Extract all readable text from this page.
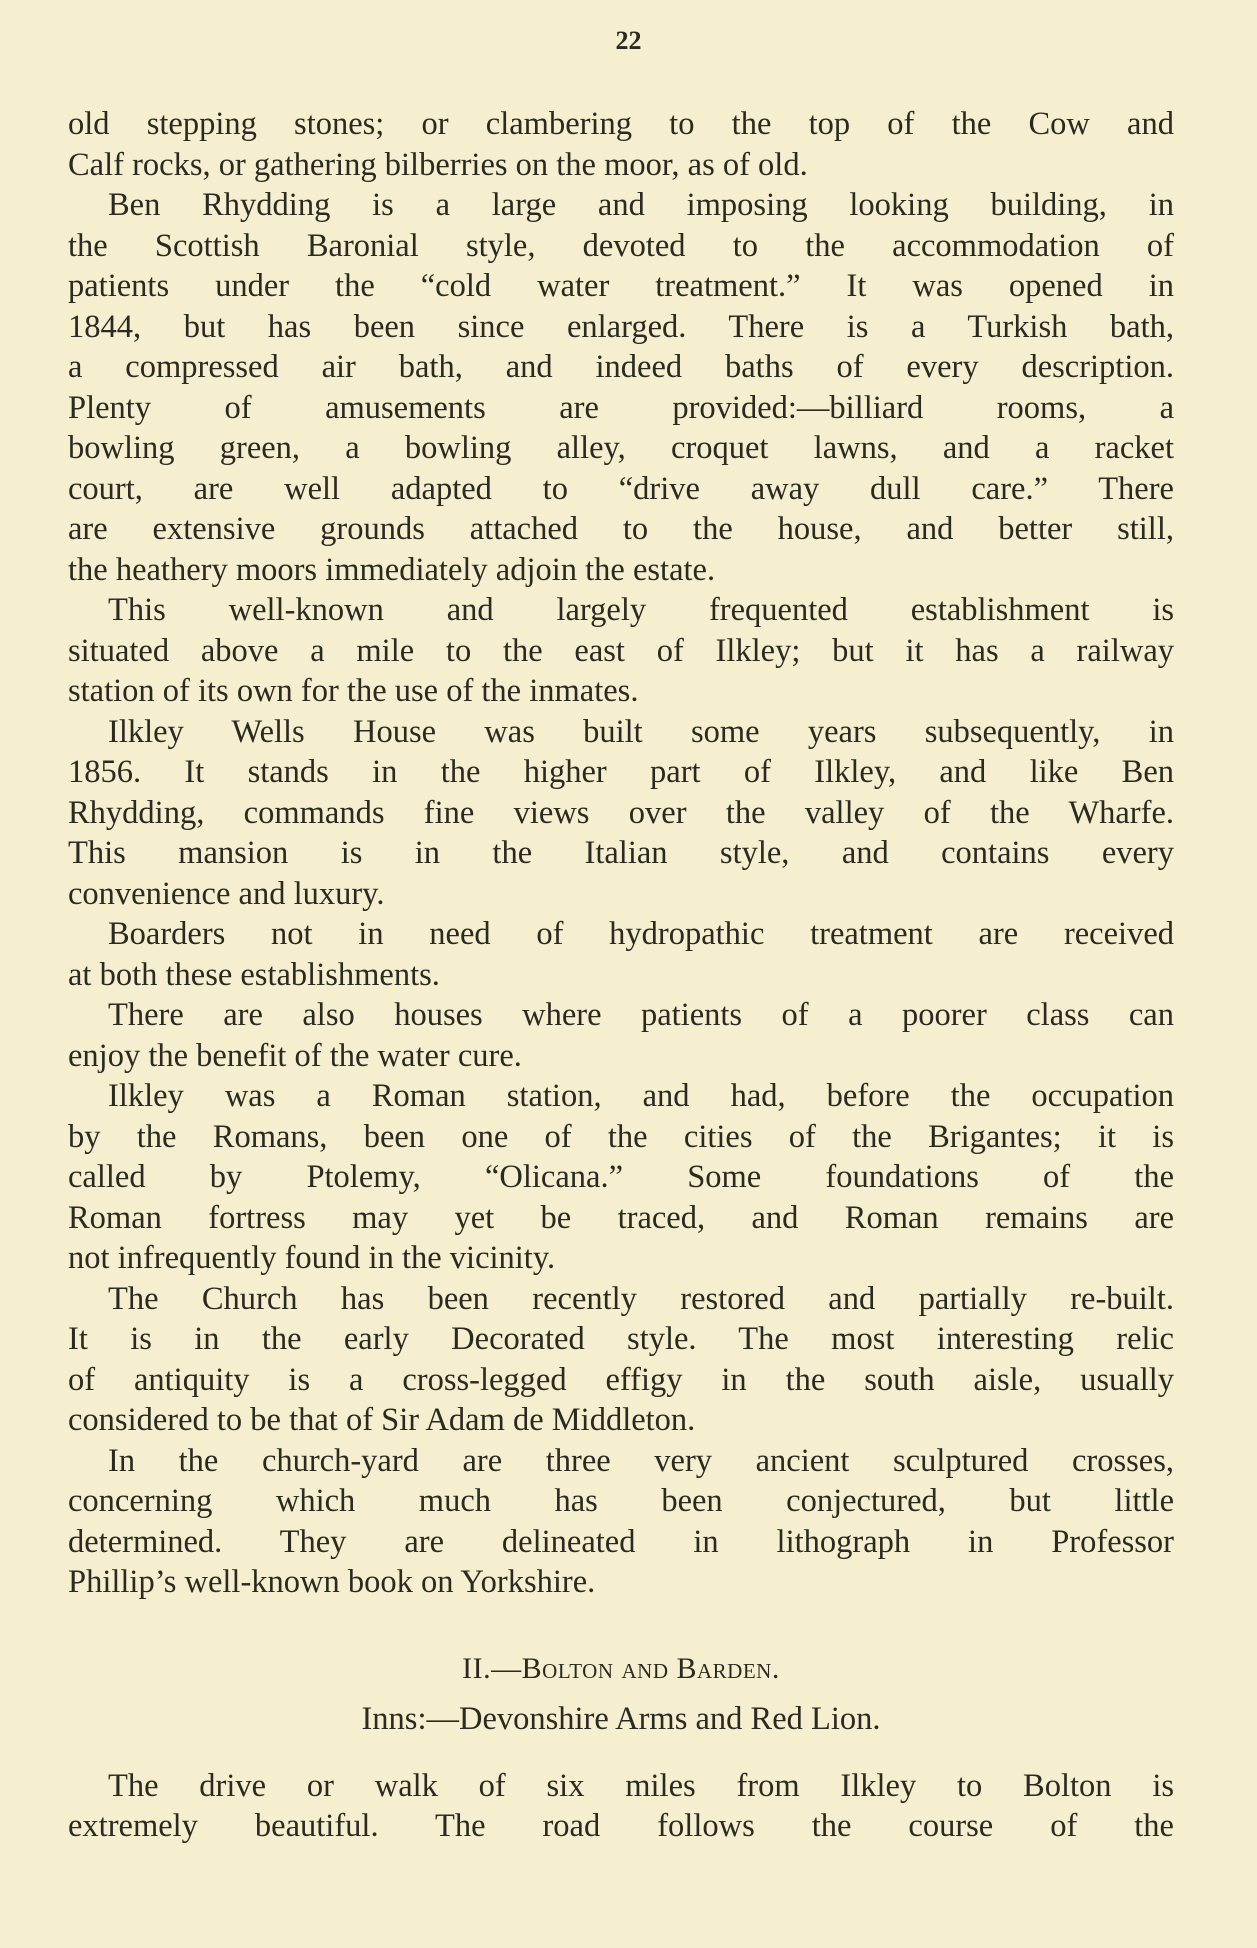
22
old stepping stones; or clambering to the top of the Cow and
Calf rocks, or gathering bilberries on the moor, as of old.
Ben Rhydding is a large and imposing looking building, in
the Scottish Baronial style, devoted to the accommodation of
patients under the “cold water treatment.” It was opened in
1844, but has been since enlarged. There is a Turkish bath,
a compressed air bath, and indeed baths of every description.
Plenty of amusements are provided:—billiard rooms, a
bowling green, a bowling alley, croquet lawns, and a racket
court, are well adapted to “drive away dull care.” There
are extensive grounds attached to the house, and better still,
the heathery moors immediately adjoin the estate.
This well-known and largely frequented establishment is
situated above a mile to the east of Ilkley; but it has a railway
station of its own for the use of the inmates.
Ilkley Wells House was built some years subsequently, in
1856. It stands in the higher part of Ilkley, and like Ben
Rhydding, commands fine views over the valley of the Wharfe.
This mansion is in the Italian style, and contains every
convenience and luxury.
Boarders not in need of hydropathic treatment are received
at both these establishments.
There are also houses where patients of a poorer class can
enjoy the benefit of the water cure.
Ilkley was a Roman station, and had, before the occupation
by the Romans, been one of the cities of the Brigantes; it is
called by Ptolemy, “Olicana.” Some foundations of the
Roman fortress may yet be traced, and Roman remains are
not infrequently found in the vicinity.
The Church has been recently restored and partially re-built.
It is in the early Decorated style. The most interesting relic
of antiquity is a cross-legged effigy in the south aisle, usually
considered to be that of Sir Adam de Middleton.
In the church-yard are three very ancient sculptured crosses,
concerning which much has been conjectured, but little
determined. They are delineated in lithograph in Professor
Phillip’s well-known book on Yorkshire.
II.—Bolton and Barden.
Inns:—Devonshire Arms and Red Lion.
The drive or walk of six miles from Ilkley to Bolton is
extremely beautiful. The road follows the course of the
